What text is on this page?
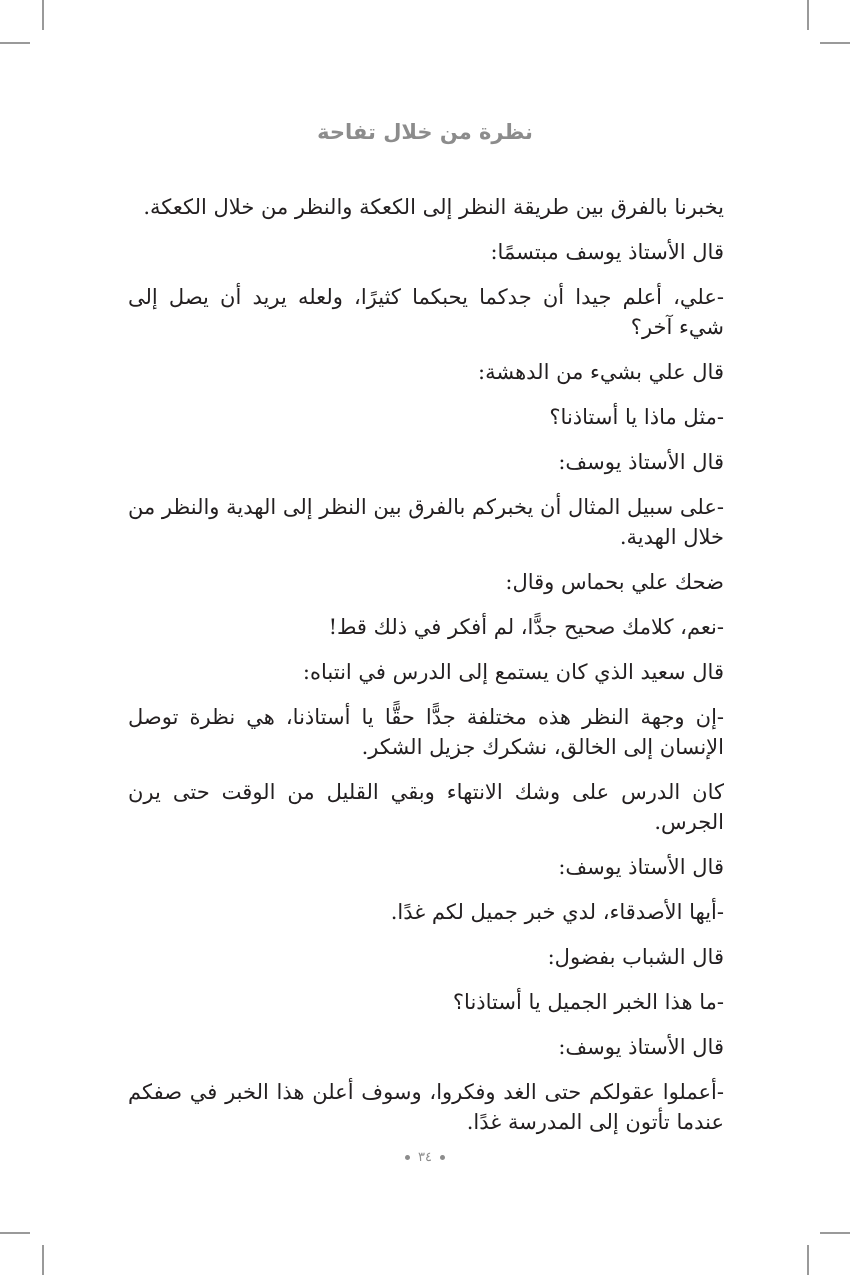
نظرة من خلال تفاحة

يخبرنا بالفرق بين طريقة النظر إلى الكعكة والنظر من خلال الكعكة.

قال الأستاذ يوسف مبتسمًا:

-علي، أعلم جيدا أن جدكما يحبكما كثيرًا، ولعله يريد أن يصل إلى شيء آخر؟

قال علي بشيء من الدهشة:

-مثل ماذا يا أستاذنا؟

قال الأستاذ يوسف:

-على سبيل المثال أن يخبركم بالفرق بين النظر إلى الهدية والنظر من خلال الهدية.

ضحك علي بحماس وقال:

-نعم، كلامك صحيح جدًّا، لم أفكر في ذلك قط!

قال سعيد الذي كان يستمع إلى الدرس في انتباه:

-إن وجهة النظر هذه مختلفة جدًّا حقًّا يا أستاذنا، هي نظرة توصل الإنسان إلى الخالق، نشكرك جزيل الشكر.

كان الدرس على وشك الانتهاء وبقي القليل من الوقت حتى يرن الجرس.

قال الأستاذ يوسف:

-أيها الأصدقاء، لدي خبر جميل لكم غدًا.

قال الشباب بفضول:

-ما هذا الخبر الجميل يا أستاذنا؟

قال الأستاذ يوسف:

-أعملوا عقولكم حتى الغد وفكروا، وسوف أعلن هذا الخبر في صفكم عندما تأتون إلى المدرسة غدًا.

٣٤
